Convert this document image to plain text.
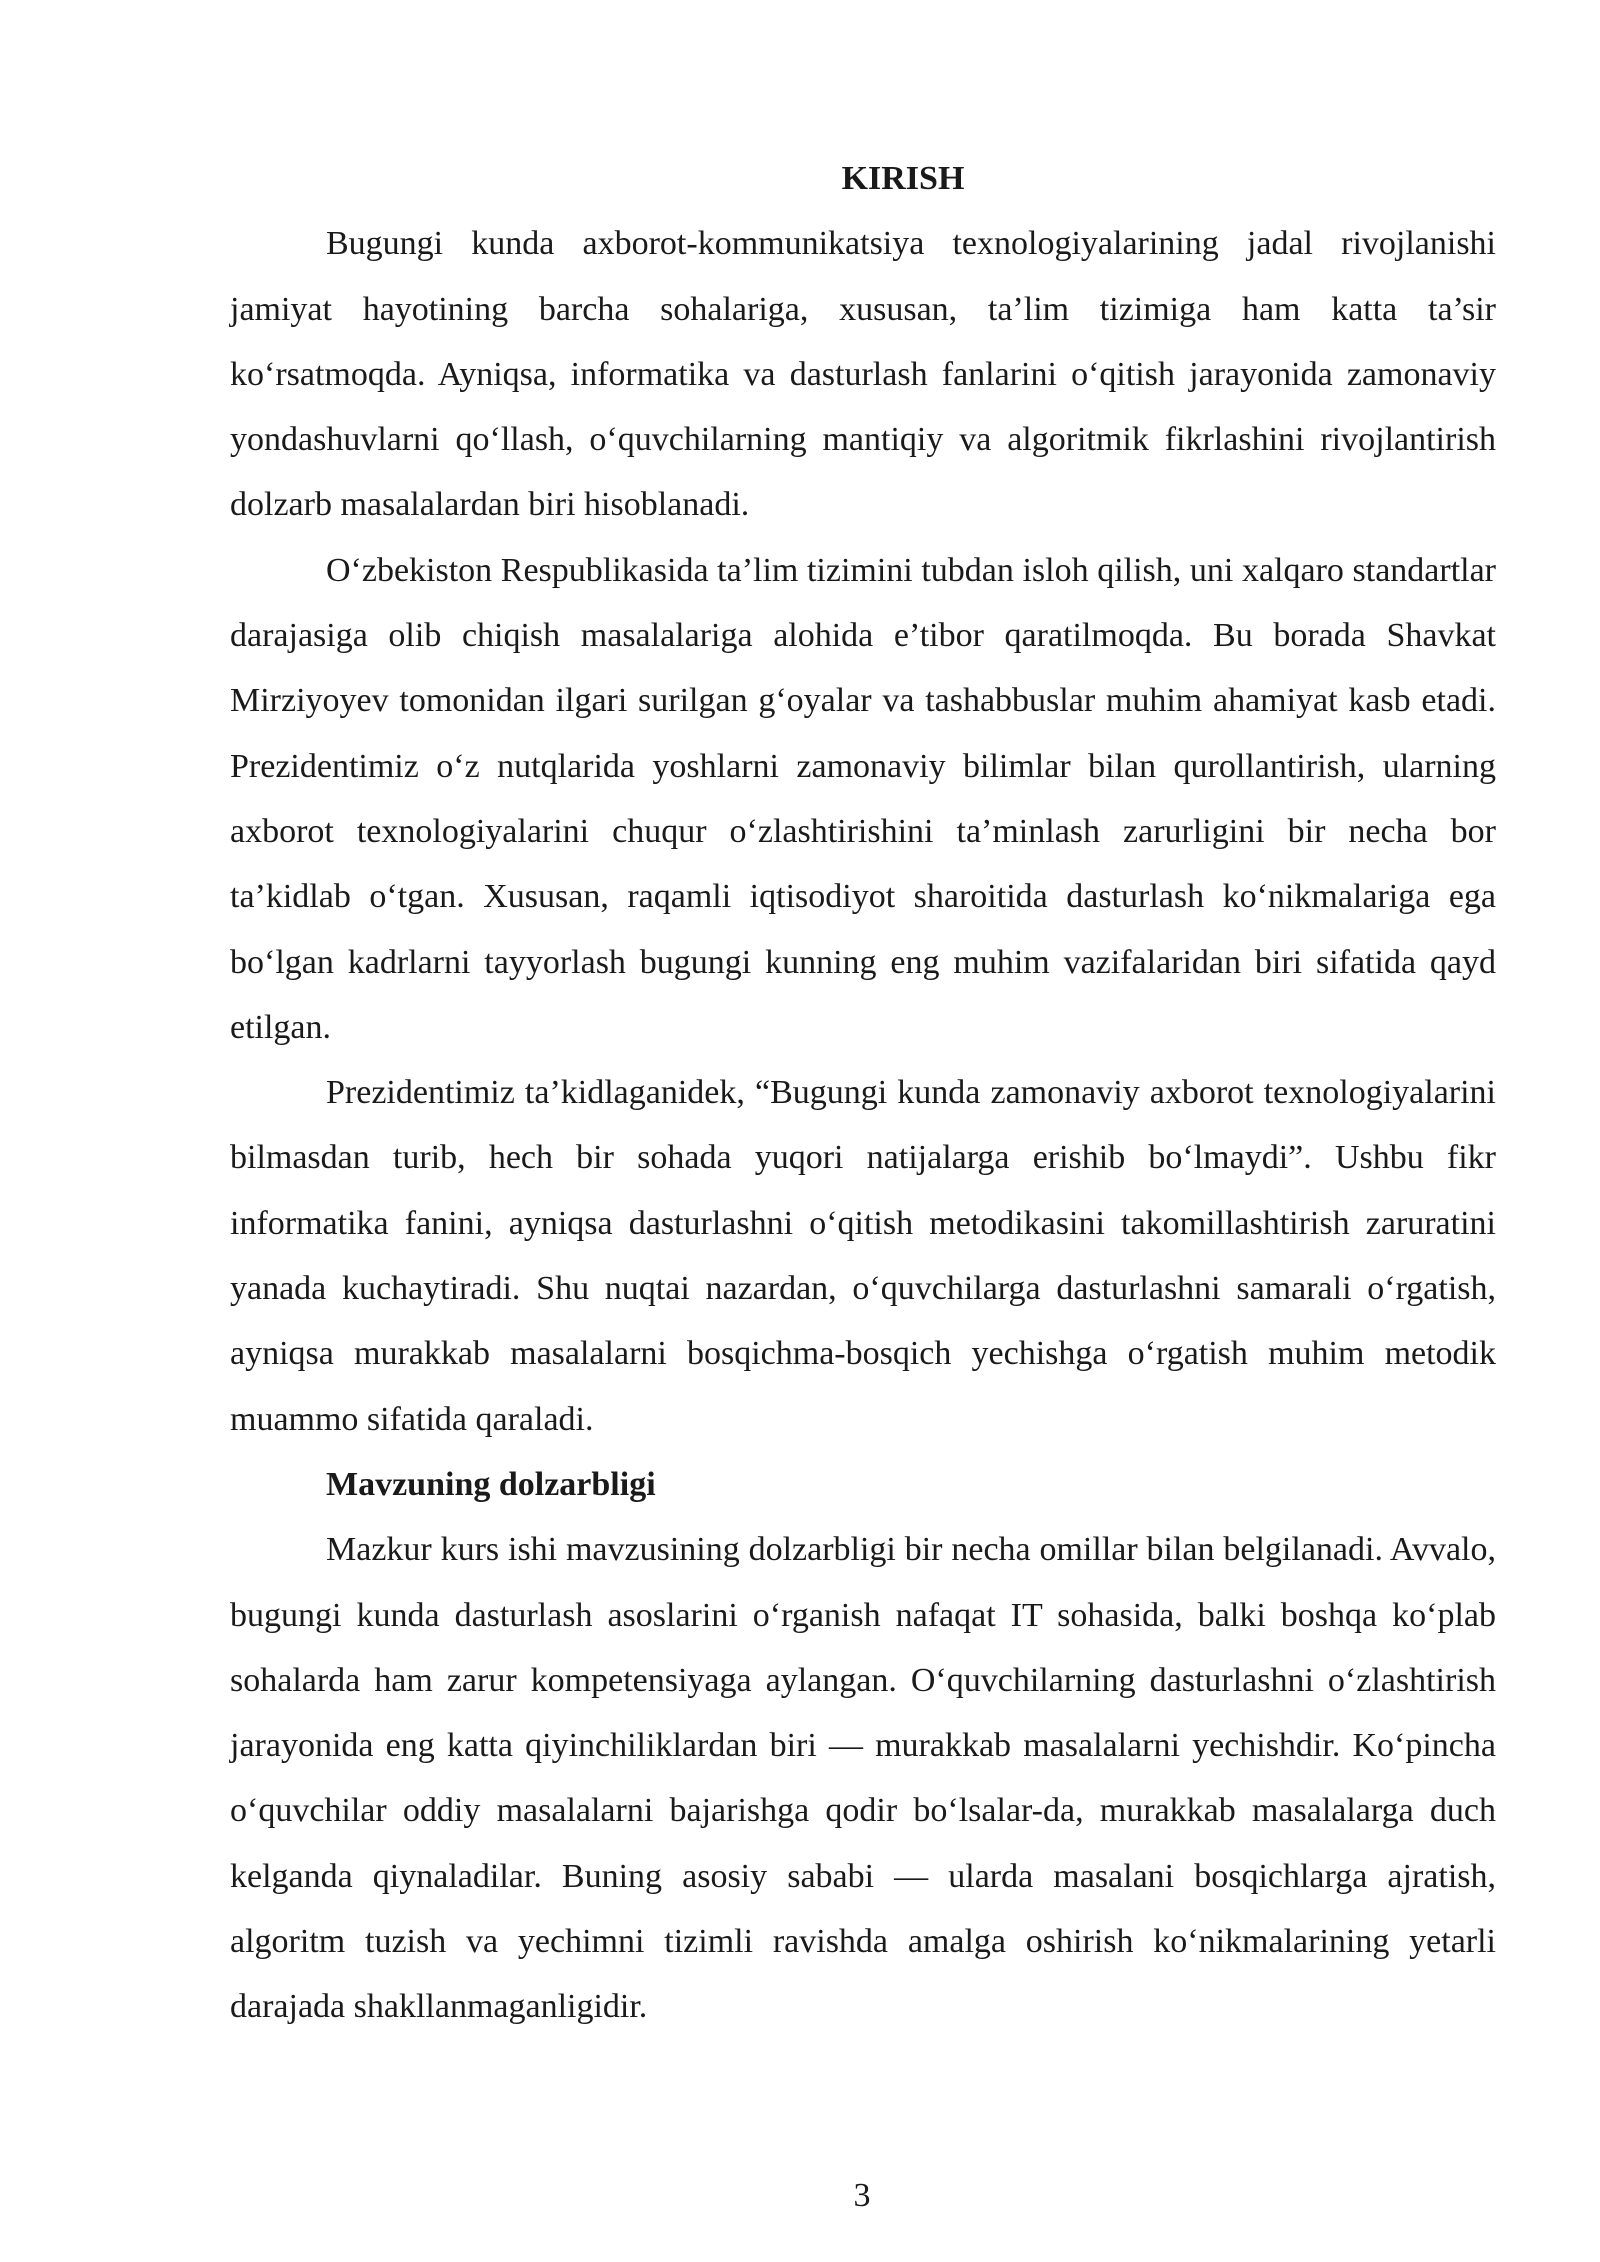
KIRISH

Bugungi kunda axborot-kommunikatsiya texnologiyalarining jadal rivojlanishi jamiyat hayotining barcha sohalariga, xususan, ta’lim tizimiga ham katta ta’sir ko‘rsatmoqda. Ayniqsa, informatika va dasturlash fanlarini o‘qitish jarayonida zamonaviy yondashuvlarni qo‘llash, o‘quvchilarning mantiqiy va algoritmik fikrlashini rivojlantirish dolzarb masalalardan biri hisoblanadi.

O‘zbekiston Respublikasida ta’lim tizimini tubdan isloh qilish, uni xalqaro standartlar darajasiga olib chiqish masalalariga alohida e’tibor qaratilmoqda. Bu borada Shavkat Mirziyoyev tomonidan ilgari surilgan g‘oyalar va tashabbuslar muhim ahamiyat kasb etadi. Prezidentimiz o‘z nutqlarida yoshlarni zamonaviy bilimlar bilan qurollantirish, ularning axborot texnologiyalarini chuqur o‘zlashtirishini ta’minlash zarurligini bir necha bor ta’kidlab o‘tgan. Xususan, raqamli iqtisodiyot sharoitida dasturlash ko‘nikmalariga ega bo‘lgan kadrlarni tayyorlash bugungi kunning eng muhim vazifalaridan biri sifatida qayd etilgan.

Prezidentimiz ta’kidlaganidek, “Bugungi kunda zamonaviy axborot texnologiyalarini bilmasdan turib, hech bir sohada yuqori natijalarga erishib bo‘lmaydi”. Ushbu fikr informatika fanini, ayniqsa dasturlashni o‘qitish metodikasini takomillashtirish zaruratini yanada kuchaytiradi. Shu nuqtai nazardan, o‘quvchilarga dasturlashni samarali o‘rgatish, ayniqsa murakkab masalalarni bosqichma-bosqich yechishga o‘rgatish muhim metodik muammo sifatida qaraladi.

Mavzuning dolzarbligi

Mazkur kurs ishi mavzusining dolzarbligi bir necha omillar bilan belgilanadi. Avvalo, bugungi kunda dasturlash asoslarini o‘rganish nafaqat IT sohasida, balki boshqa ko‘plab sohalarda ham zarur kompetensiyaga aylangan. O‘quvchilarning dasturlashni o‘zlashtirish jarayonida eng katta qiyinchiliklardan biri — murakkab masalalarni yechishdir. Ko‘pincha o‘quvchilar oddiy masalalarni bajarishga qodir bo‘lsalar-da, murakkab masalalarga duch kelganda qiynaladilar. Buning asosiy sababi — ularda masalani bosqichlarga ajratish, algoritm tuzish va yechimni tizimli ravishda amalga oshirish ko‘nikmalarining yetarli darajada shakllanmaganligidir.

3
